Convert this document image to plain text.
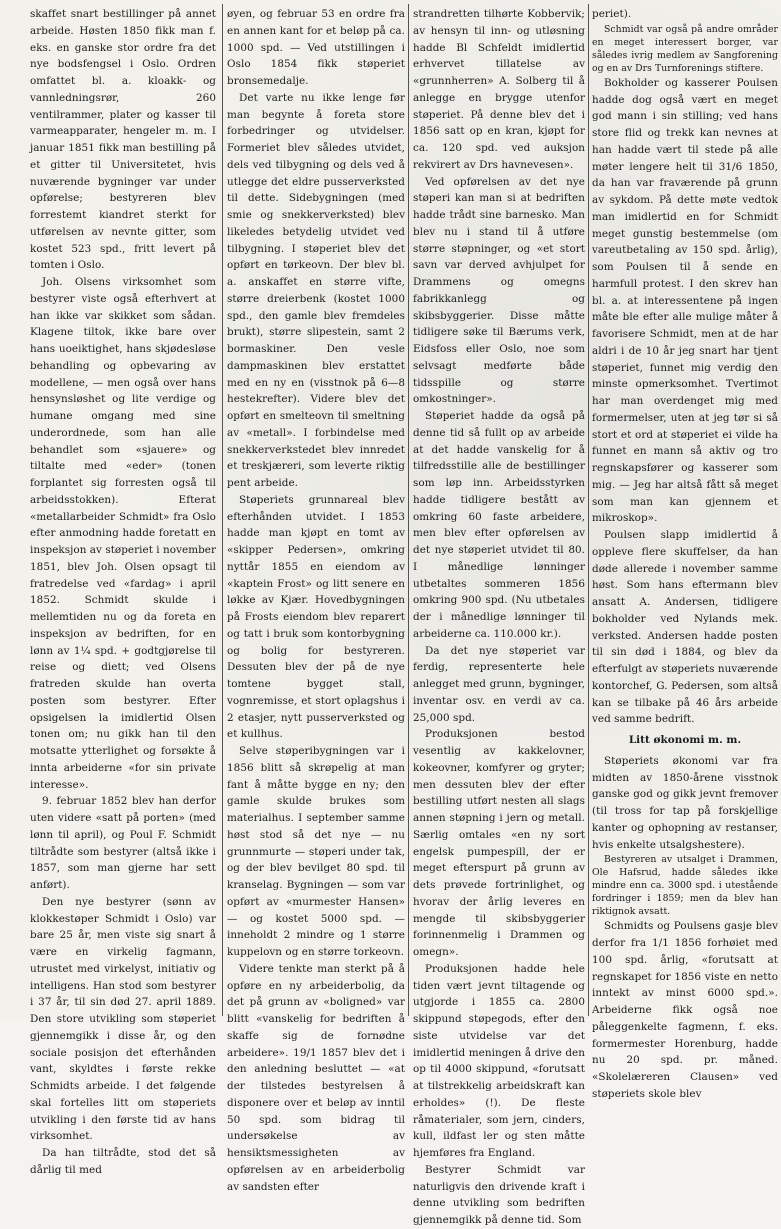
skaffet snart bestillinger på annet arbeide. Høsten 1850 fikk man f. eks. en ganske stor ordre fra det nye bodsfengsel i Oslo. Ordren omfattet bl. a. kloakk- og vannledningsrør, 260 ventilrammer, plater og kasser til varmeapparater, hengeler m. m. I januar 1851 fikk man bestilling på et gitter til Universitetet, hvis nuværende bygninger var under opførelse; bestyreren blev forrestemt kiandret sterkt for utførelsen av nevnte gitter, som kostet 523 spd., fritt levert på tomten i Oslo.

Joh. Olsens virksomhet som bestyrer viste også efterhvert at han ikke var skikket som sådan. Klagene tiltok, ikke bare over hans uoeiktighet, hans skjødesløse behandling og opbevaring av modellene, — men også over hans hensynsløshet og lite verdige og humane omgang med sine underordnede, som han alle behandlet som «sjauere» og tiltalte med «eder» (tonen forplantet sig forresten også til arbeidsstokken). Efterat «metallarbeider Schmidt» fra Oslo efter anmodning hadde foretatt en inspeksjon av støperiet i november 1851, blev Joh. Olsen opsagt til fratredelse ved «fardag» i april 1852. Schmidt skulde i mellemtiden nu og da foreta en inspeksjon av bedriften, for en lønn av 1¼ spd. + godtgjørelse til reise og diett; ved Olsens fratreden skulde han overta posten som bestyrer. Efter opsigelsen la imidlertid Olsen tonen om; nu gikk han til den motsatte ytterlighet og forsøkte å innta arbeiderne «for sin private interesse».

9. februar 1852 blev han derfor uten videre «satt på porten» (med lønn til april), og Poul F. Schmidt tiltrådte som bestyrer (altså ikke i 1857, som man gjerne har sett anført).

Den nye bestyrer (sønn av klokkestøper Schmidt i Oslo) var bare 25 år, men viste sig snart å være en virkelig fagmann, utrustet med virkelyst, initiativ og intelligens. Han stod som bestyrer i 37 år, til sin død 27. april 1889. Den store utvikling som støperiet gjennemgikk i disse år, og den sociale posisjon det efterhånden vant, skyldtes i første rekke Schmidts arbeide. I det følgende skal fortelles litt om støperiets utvikling i den første tid av hans virksomhet.

Da han tiltrådte, stod det så dårlig til med

øyen, og februar 53 en ordre fra en annen kant for et beløp på ca. 1000 spd. — Ved utstillingen i Oslo 1854 fikk støperiet bronsemedalje.

Det varte nu ikke lenge før man begynte å foreta store forbedringer og utvidelser. Formeriet blev således utvidet, dels ved tilbygning og dels ved å utlegge det eldre pusserverksted til dette. Sidebygningen (med smie og snekkerverksted) blev likeledes betydelig utvidet ved tilbygning. I støperiet blev det opført en tørkeovn. Der blev bl. a. anskaffet en større vifte, større dreierbenk (kostet 1000 spd., den gamle blev fremdeles brukt), større slipestein, samt 2 bormaskiner. Den vesle dampmaskinen blev erstattet med en ny en (visstnok på 6—8 hestekrefter). Videre blev det opført en smelteovn til smeltning av «metall». I forbindelse med snekkerverkstedet blev innredet et treskjæreri, som leverte riktig pent arbeide.

Støperiets grunnareal blev efterhånden utvidet. I 1853 hadde man kjøpt en tomt av «skipper Pedersen», omkring nyttår 1855 en eiendom av «kaptein Frost» og litt senere en løkke av Kjær. Hovedbygningen på Frosts eiendom blev reparert og tatt i bruk som kontorbygning og bolig for bestyreren. Dessuten blev der på de nye tomtene bygget stall, vognremisse, et stort oplagshus i 2 etasjer, nytt pusserverksted og et kullhus.

Selve støperibygningen var i 1856 blitt så skrøpelig at man fant å måtte bygge en ny; den gamle skulde brukes som materialhus. I september samme høst stod så det nye — nu grunnmurte — støperi under tak, og der blev bevilget 80 spd. til kranselag. Bygningen — som var opført av «murmester Hansen» — og kostet 5000 spd. — inneholdt 2 mindre og 1 større kuppelovn og en større torkeovn.

Videre tenkte man sterkt på å opføre en ny arbeiderbolig, da det på grunn av «boligned» var blitt «vanskelig for bedriften å skaffe sig de fornødne arbeidere». 19/1 1857 blev det i den anledning besluttet — «at der tilstedes bestyrelsen å disponere over et beløp av inntil 50 spd. som bidrag til undersøkelse av hensiktsmessigheten av opførelsen av en arbeiderbolig av sandsten efter

strandretten tilhørte Kobbervik; av hensyn til inn- og utløsning hadde Bl Schfeldt imidlertid erhvervet tillatelse av «grunnherren» A. Solberg til å anlegge en brygge utenfor støperiet. På denne blev det i 1856 satt op en kran, kjøpt for ca. 120 spd. ved auksjon rekvirert av Drs havnevesen».

Ved opførelsen av det nye støperi kan man si at bedriften hadde trådt sine barnesko. Man blev nu i stand til å utføre større støpninger, og «et stort savn var derved avhjulpet for Drammens og omegns fabrikkanlegg og skibsbyggerier. Disse måtte tidligere søke til Bærums verk, Eidsfoss eller Oslo, noe som selvsagt medførte både tidsspille og større omkostninger».

Støperiet hadde da også på denne tid så fullt op av arbeide at det hadde vanskelig for å tilfredsstille alle de bestillinger som løp inn. Arbeidsstyrken hadde tidligere bestått av omkring 60 faste arbeidere, men blev efter opførelsen av det nye støperiet utvidet til 80. I månedlige lønninger utbetaltes sommeren 1856 omkring 900 spd. (Nu utbetales der i månedlige lønninger til arbeiderne ca. 110.000 kr.).

Da det nye støperiet var ferdig, representerte hele anlegget med grunn, bygninger, inventar osv. en verdi av ca. 25,000 spd.

Produksjonen bestod vesentlig av kakkelovner, kokeovner, komfyrer og gryter; men dessuten blev der efter bestilling utført nesten all slags annen støpning i jern og metall. Særlig omtales «en ny sort engelsk pumpespill, der er meget efterspurt på grunn av dets prøvede fortrinlighet, og hvorav der årlig leveres en mengde til skibsbyggerier forinnenmelig i Drammen og omegn».

Produksjonen hadde hele tiden vært jevnt tiltagende og utgjorde i 1855 ca. 2800 skippund støpegods, efter den siste utvidelse var det imidlertid meningen å drive den op til 4000 skippund, «forutsatt at tilstrekkelig arbeidskraft kan erholdes» (!). De fleste råmaterialer, som jern, cinders, kull, ildfast ler og sten måtte hjemføres fra England.

Bestyrer Schmidt var naturligvis den drivende kraft i denne utvikling som bedriften gjennemgikk på denne tid. Som

periet).

Schmidt var også på andre områder en meget interessert borger, var således ivrig medlem av Sangforening og en av Drs Turnforenings stiftere.

Bokholder og kasserer Poulsen hadde dog også vært en meget god mann i sin stilling; ved hans store flid og trekk kan nevnes at han hadde vært til stede på alle møter lengere helt til 31/6 1850, da han var fraværende på grunn av sykdom. På dette møte vedtok man imidlertid en for Schmidt meget gunstig bestemmelse (om vareutbetaling av 150 spd. årlig), som Poulsen til å sende en harmfull protest. I den skrev han bl. a. at interessentene på ingen måte ble efter alle mulige måter å favorisere Schmidt, men at de har aldri i de 10 år jeg snart har tjent støperiet, funnet mig verdig den minste opmerksomhet. Tvertimot har man overdenget mig med formermelser, uten at jeg tør si så stort et ord at støperiet ei vilde ha funnet en mann så aktiv og tro regnskapsfører og kasserer som mig. — Jeg har altså fått så meget som man kan gjennem et mikroskop».

Poulsen slapp imidlertid å oppleve flere skuffelser, da han døde allerede i november samme høst. Som hans eftermann blev ansatt A. Andersen, tidligere bokholder ved Nylands mek. verksted. Andersen hadde posten til sin død i 1884, og blev da efterfulgt av støperiets nuværende kontorchef, G. Pedersen, som altså kan se tilbake på 46 års arbeide ved samme bedrift.

Litt økonomi m. m.

Støperiets økonomi var fra midten av 1850-årene visstnok ganske god og gikk jevnt fremover (til tross for tap på forskjellige kanter og ophopning av restanser, hvis enkelte utsalgshestere).

Bestyreren av utsalget i Drammen, Ole Hafsrud, hadde således ikke mindre enn ca. 3000 spd. i utestående fordringer i 1859; men da blev han riktignok avsatt.

Schmidts og Poulsens gasje blev derfor fra 1/1 1856 forhøiet med 100 spd. årlig, «forutsatt at regnskapet for 1856 viste en netto inntekt av minst 6000 spd.». Arbeiderne fikk også noe påleggenkelte fagmenn, f. eks. formermester Horenburg, hadde nu 20 spd. pr. måned. «Skolelæreren Clausen» ved støperiets skole blev
